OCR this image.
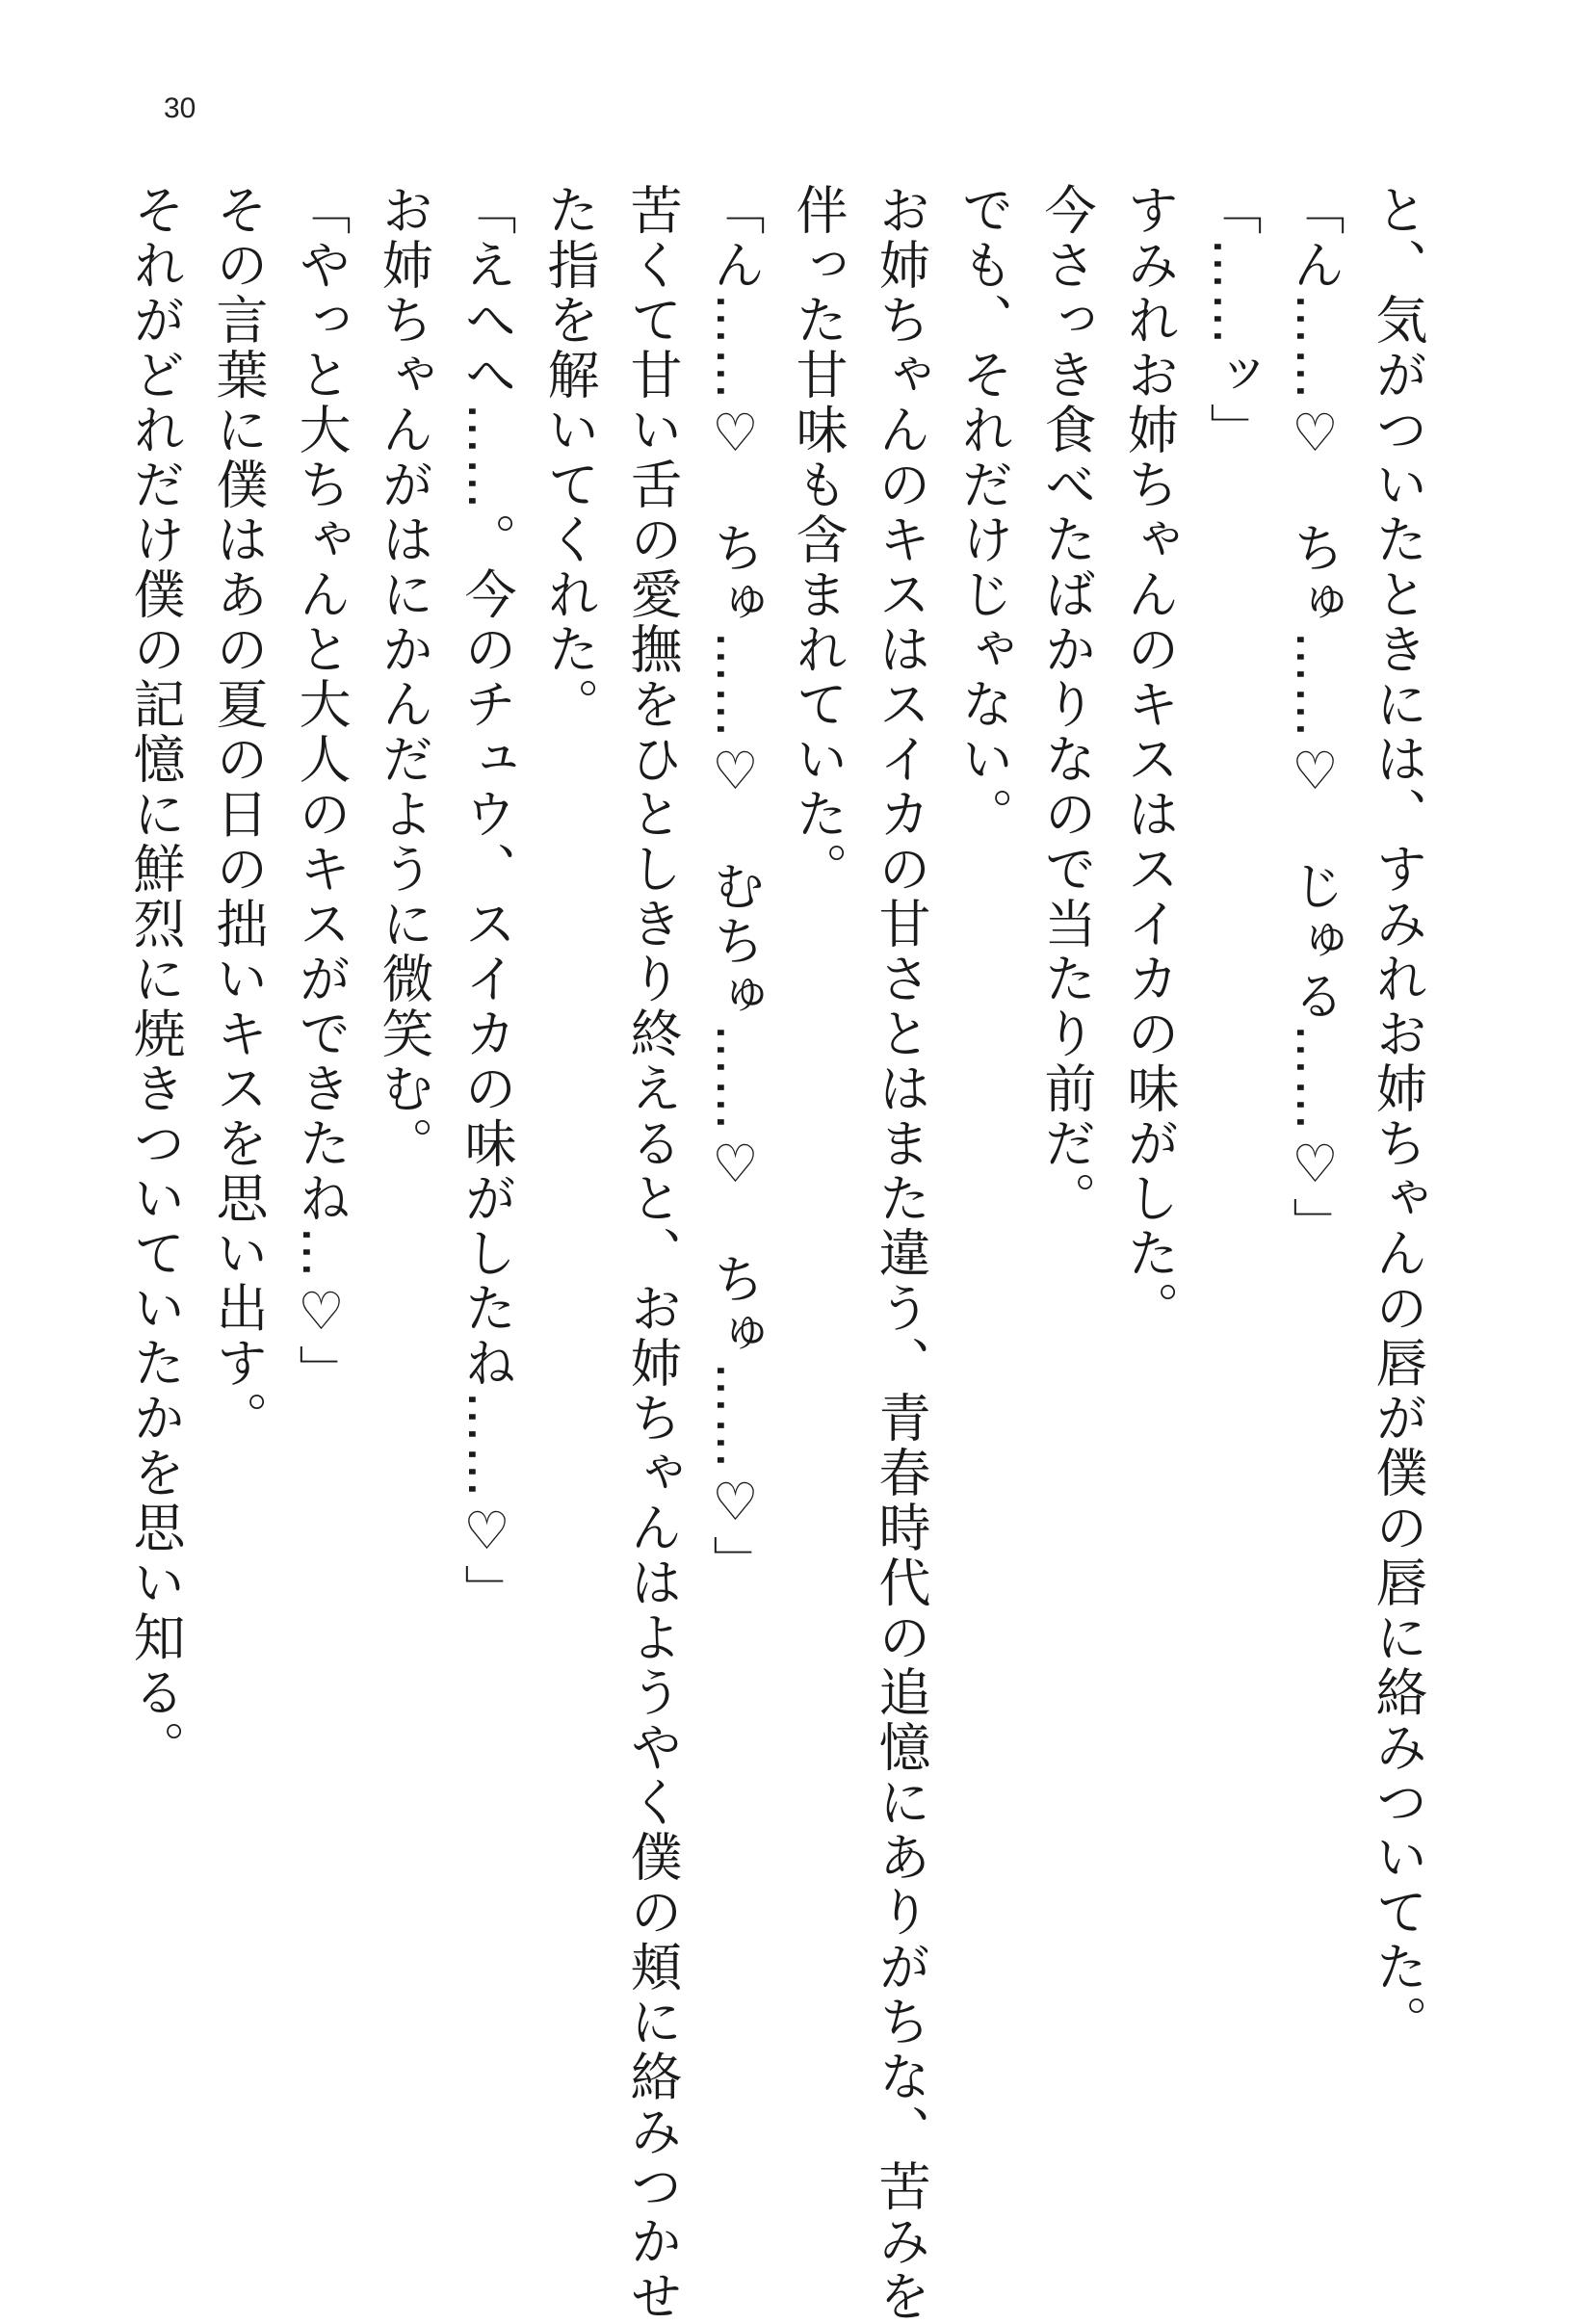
30
と、気がついたときには、すみれお姉ちゃんの唇が僕の唇に絡みついてた。
「ん……♡　ちゅ……♡　じゅる……♡」
「……ッ」
すみれお姉ちゃんのキスはスイカの味がした。
今さっき食べたばかりなので当たり前だ。
でも、それだけじゃない。
お姉ちゃんのキスはスイカの甘さとはまた違う、青春時代の追憶にありがちな、苦みを
伴った甘味も含まれていた。
「ん……♡　ちゅ……♡　むちゅ……♡　ちゅ……♡」
苦くて甘い舌の愛撫をひとしきり終えると、お姉ちゃんはようやく僕の頬に絡みつかせ
た指を解いてくれた。
「えへへ……。今のチュウ、スイカの味がしたね……♡」
お姉ちゃんがはにかんだように微笑む。
「やっと大ちゃんと大人のキスができたね…♡」
その言葉に僕はあの夏の日の拙いキスを思い出す。
それがどれだけ僕の記憶に鮮烈に焼きついていたかを思い知る。
